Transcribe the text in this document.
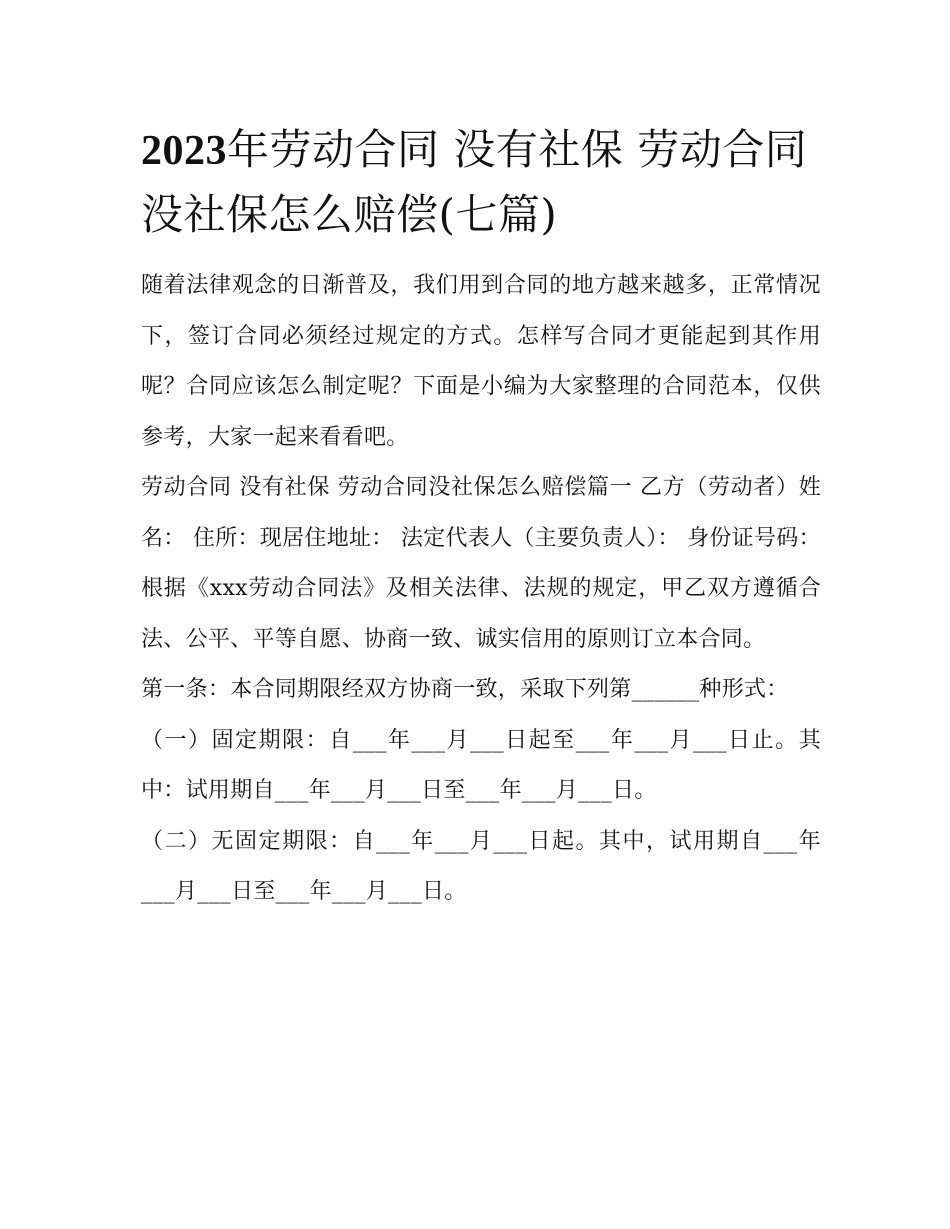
2023年劳动合同 没有社保 劳动合同没社保怎么赔偿(七篇)

随着法律观念的日渐普及，我们用到合同的地方越来越多，正常情况下，签订合同必须经过规定的方式。怎样写合同才更能起到其作用呢？合同应该怎么制定呢？下面是小编为大家整理的合同范本，仅供参考，大家一起来看看吧。

劳动合同 没有社保 劳动合同没社保怎么赔偿篇一 乙方（劳动者）姓名： 住所：现居住地址： 法定代表人（主要负责人）： 身份证号码：

根据《xxx劳动合同法》及相关法律、法规的规定，甲乙双方遵循合法、公平、平等自愿、协商一致、诚实信用的原则订立本合同。

第一条：本合同期限经双方协商一致，采取下列第______种形式：

（一）固定期限：自___年___月___日起至___年___月___日止。其中：试用期自___年___月___日至___年___月___日。

（二）无固定期限：自___年___月___日起。其中，试用期自___年___月___日至___年___月___日。
